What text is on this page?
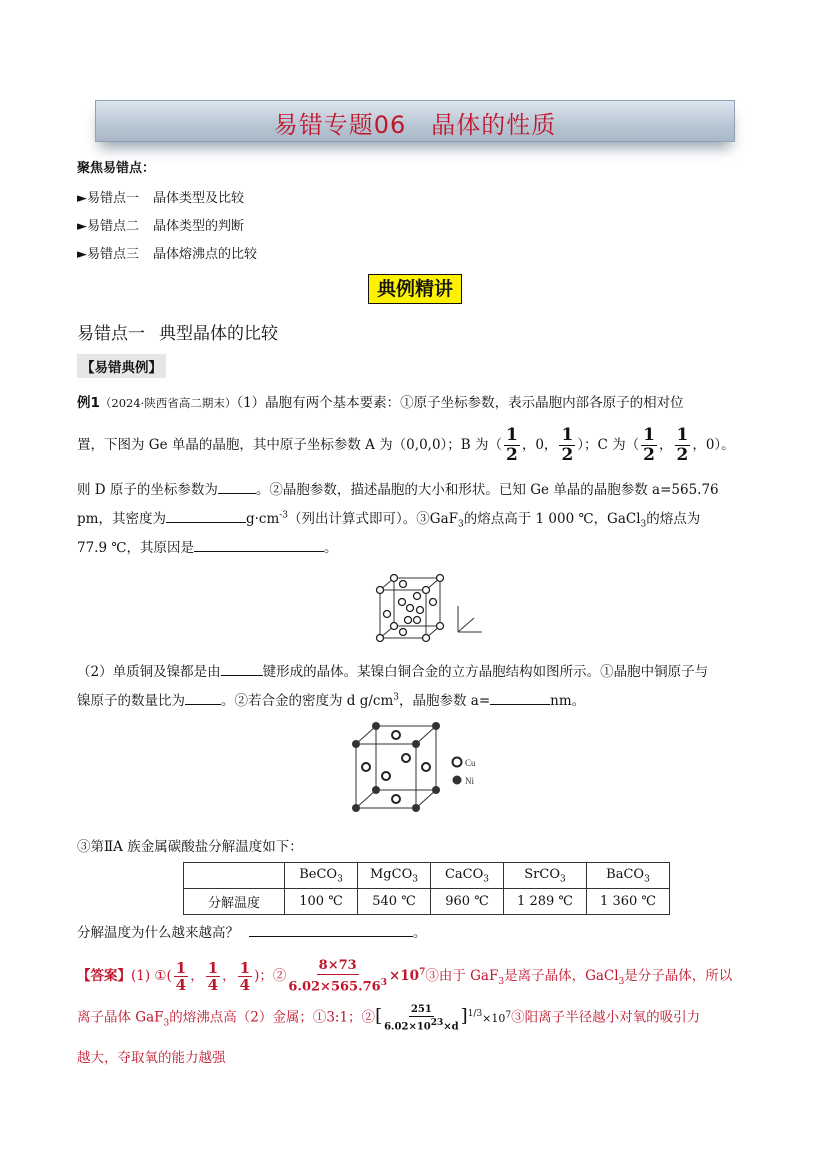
易错专题06　晶体的性质
聚焦易错点：
►易错点一 晶体类型及比较
►易错点二 晶体类型的判断
►易错点三 晶体熔沸点的比较
典例精讲
易错点一 典型晶体的比较
【易错典例】
例1（2024·陕西省高二期末）（1）晶胞有两个基本要素：①原子坐标参数，表示晶胞内部各原子的相对位
置，下图为 Ge 单晶的晶胞，其中原子坐标参数 A 为（0,0,0）；B 为（ $\frac{1}{2}$ ，0， $\frac{1}{2}$ ）；C 为（ $\frac{1}{2}$ ， $\frac{1}{2}$ ，0）。
则 D 原子的坐标参数为	。②晶胞参数，描述晶胞的大小和形状。已知 Ge 单晶的晶胞参数 a=565.76
pm，其密度为	$g\cdot cm^{-3}$（列出计算式即可）。③GaF$_3$的熔点高于 1 000 ℃，GaCl$_3$的熔点为
77.9 ℃，其原因是	。
（2）单质铜及镍都是由	键形成的晶体。某镍白铜合金的立方晶胞结构如图所示。①晶胞中铜原子与
镍原子的数量比为	。②若合金的密度为 d $g/cm^3$，晶胞参数 a=	nm。
Cu
Ni
③第ⅡA 族金属碳酸盐分解温度如下：
	BeCO$_3$	MgCO$_3$	CaCO$_3$	SrCO$_3$	BaCO$_3$
分解温度	100 ℃	540 ℃	960 ℃	1 289 ℃	1 360 ℃
分解温度为什么越来越高？	。
【答案】(1) ①( $\frac{1}{4}$ ， $\frac{1}{4}$ ， $\frac{1}{4}$ )；② $\frac{8\times 73}{6.02\times 565.76^3}$ $\times 10^7③$由于 GaF$_3$是离子晶体，GaCl$_3$是分子晶体，所以
离子晶体 GaF$_3$的熔沸点高（2）金属；①3:1；②[ $\frac{251}{6.02\times 10^{23}\times d}$ ]$^{1/3}\times 10^7③$阳离子半径越小对氧的吸引力
越大，夺取氧的能力越强
